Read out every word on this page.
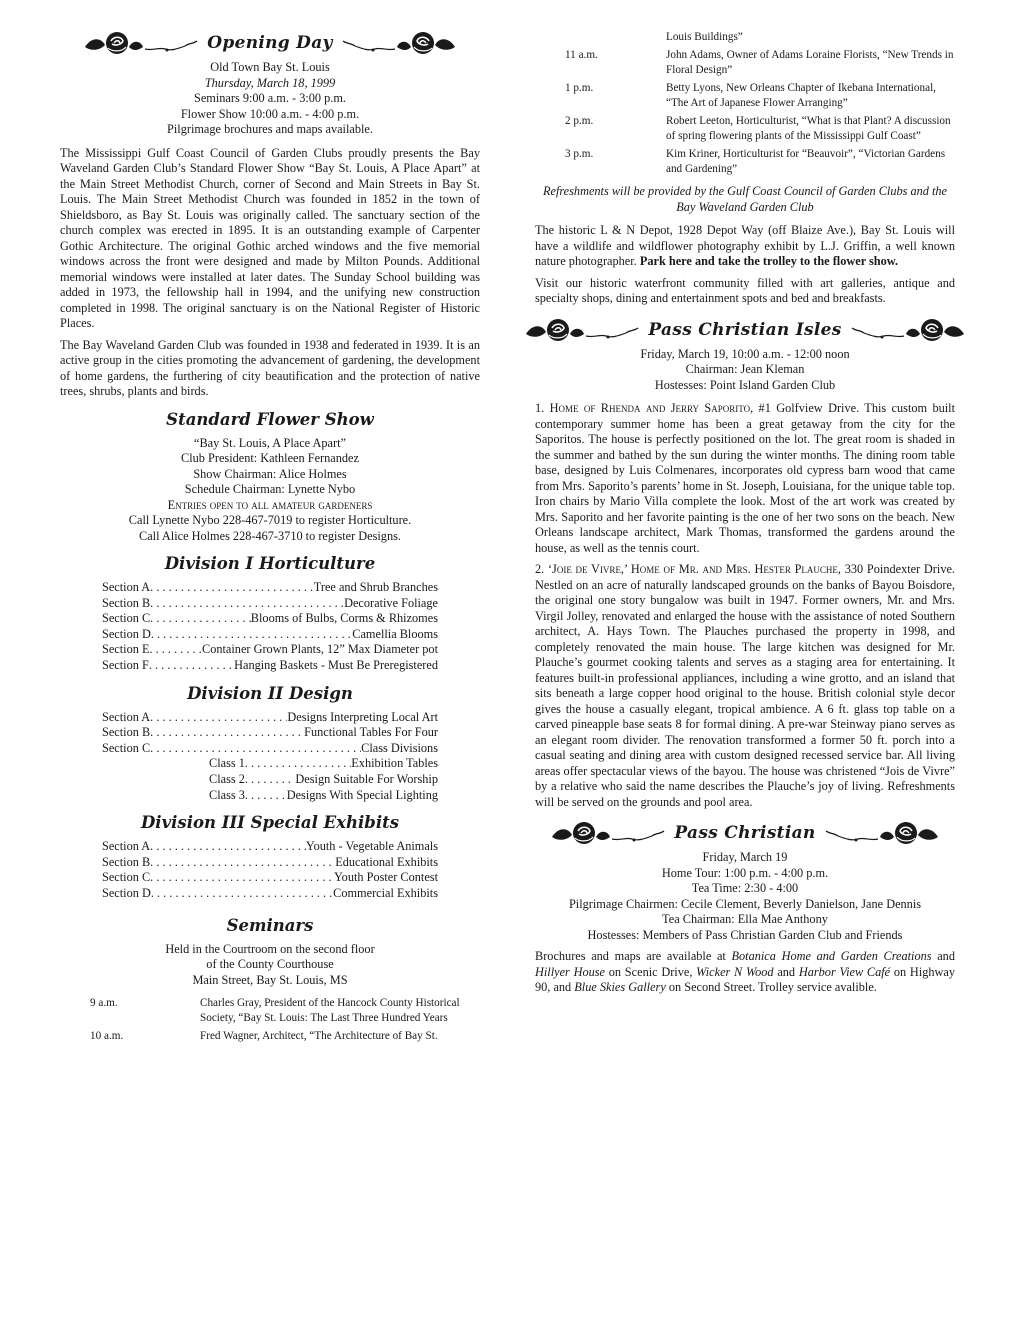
Opening Day
Old Town Bay St. Louis
Thursday, March 18, 1999
Seminars 9:00 a.m. - 3:00 p.m.
Flower Show 10:00 a.m. - 4:00 p.m.
Pilgrimage brochures and maps available.

The Mississippi Gulf Coast Council of Garden Clubs proudly presents the Bay Waveland Garden Club’s Standard Flower Show “Bay St. Louis, A Place Apart” at the Main Street Methodist Church, corner of Second and Main Streets in Bay St. Louis. The Main Street Methodist Church was founded in 1852 in the town of Shieldsboro, as Bay St. Louis was originally called. The sanctuary section of the church complex was erected in 1895. It is an outstanding example of Carpenter Gothic Architecture. The original Gothic arched windows and the five memorial windows across the front were designed and made by Milton Pounds. Additional memorial windows were installed at later dates. The Sunday School building was added in 1973, the fellowship hall in 1994, and the unifying new construction completed in 1998. The original sanctuary is on the National Register of Historic Places.

The Bay Waveland Garden Club was founded in 1938 and federated in 1939. It is an active group in the cities promoting the advancement of gardening, the development of home gardens, the furthering of city beautification and the protection of native trees, shrubs, plants and birds.

Standard Flower Show
“Bay St. Louis, A Place Apart”
Club President: Kathleen Fernandez
Show Chairman: Alice Holmes
Schedule Chairman: Lynette Nybo
Entries open to all amateur gardeners
Call Lynette Nybo 228-467-7019 to register Horticulture.
Call Alice Holmes 228-467-3710 to register Designs.
Division I Horticulture
Section A . . .	Tree and Shrub Branches
Section B . . .	Decorative Foliage
Section C . . .	Blooms of Bulbs, Corms & Rhizomes
Section D . . .	Camellia Blooms
Section E . . .	Container Grown Plants, 12” Max Diameter pot
Section F . . .	Hanging Baskets - Must Be Preregistered
Division II Design
Section A . . .	Designs Interpreting Local Art
Section B . . .	Functional Tables For Four
Section C . . .	Class Divisions
Class 1 . . .	Exhibition Tables
Class 2 . . .	Design Suitable For Worship
Class 3 . . .	Designs With Special Lighting
Division III Special Exhibits
Section A . . .	Youth - Vegetable Animals
Section B . . .	Educational Exhibits
Section C . . .	Youth Poster Contest
Section D . . .	Commercial Exhibits
Seminars
Held in the Courtroom on the second floor
of the County Courthouse
Main Street, Bay St. Louis, MS
9 a.m.	Charles Gray, President of the Hancock County Historical Society, “Bay St. Louis: The Last Three Hundred Years
10 a.m.	Fred Wagner, Architect, “The Architecture of Bay St.
Louis Buildings”
11 a.m.	John Adams, Owner of Adams Loraine Florists, “New Trends in Floral Design”
1 p.m.	Betty Lyons, New Orleans Chapter of Ikebana International, “The Art of Japanese Flower Arranging”
2 p.m.	Robert Leeton, Horticulturist, “What is that Plant? A discussion of spring flowering plants of the Mississippi Gulf Coast”
3 p.m.	Kim Kriner, Horticulturist for “Beauvoir”, “Victorian Gardens and Gardening”
Refreshments will be provided by the Gulf Coast Council of Garden Clubs and the Bay Waveland Garden Club

The historic L & N Depot, 1928 Depot Way (off Blaize Ave.), Bay St. Louis will have a wildlife and wildflower photography exhibit by L.J. Griffin, a well known nature photographer. Park here and take the trolley to the flower show.

Visit our historic waterfront community filled with art galleries, antique and specialty shops, dining and entertainment spots and bed and breakfasts.

Pass Christian Isles
Friday, March 19, 10:00 a.m. - 12:00 noon
Chairman: Jean Kleman
Hostesses: Point Island Garden Club

1. Home of Rhenda and Jerry Saporito, #1 Golfview Drive. This custom built contemporary summer home has been a great getaway from the city for the Saporitos. The house is perfectly positioned on the lot. The great room is shaded in the summer and bathed by the sun during the winter months. The dining room table base, designed by Luis Colmenares, incorporates old cypress barn wood that came from Mrs. Saporito’s parents’ home in St. Joseph, Louisiana, for the unique table top. Iron chairs by Mario Villa complete the look. Most of the art work was created by Mrs. Saporito and her favorite painting is the one of her two sons on the beach. New Orleans landscape architect, Mark Thomas, transformed the gardens around the house, as well as the tennis court.

2. ‘Joie de Vivre,’ Home of Mr. and Mrs. Hester Plauche, 330 Poindexter Drive. Nestled on an acre of naturally landscaped grounds on the banks of Bayou Boisdore, the original one story bungalow was built in 1947. Former owners, Mr. and Mrs. Virgil Jolley, renovated and enlarged the house with the assistance of noted Southern architect, A. Hays Town. The Plauches purchased the property in 1998, and completely renovated the main house. The large kitchen was designed for Mr. Plauche’s gourmet cooking talents and serves as a staging area for entertaining. It features built-in professional appliances, including a wine grotto, and an island that sits beneath a large copper hood original to the house. British colonial style decor gives the house a casually elegant, tropical ambience. A 6 ft. glass top table on a carved pineapple base seats 8 for formal dining. A pre-war Steinway piano serves as an elegant room divider. The renovation transformed a former 50 ft. porch into a casual seating and dining area with custom designed recessed service bar. All living areas offer spectacular views of the bayou. The house was christened “Jois de Vivre” by a relative who said the name describes the Plauche’s joy of living. Refreshments will be served on the grounds and pool area.

Pass Christian
Friday, March 19
Home Tour: 1:00 p.m. - 4:00 p.m.
Tea Time: 2:30 - 4:00
Pilgrimage Chairmen: Cecile Clement, Beverly Danielson, Jane Dennis
Tea Chairman: Ella Mae Anthony
Hostesses: Members of Pass Christian Garden Club and Friends

Brochures and maps are available at Botanica Home and Garden Creations and Hillyer House on Scenic Drive, Wicker N Wood and Harbor View Café on Highway 90, and Blue Skies Gallery on Second Street. Trolley service avalible.
